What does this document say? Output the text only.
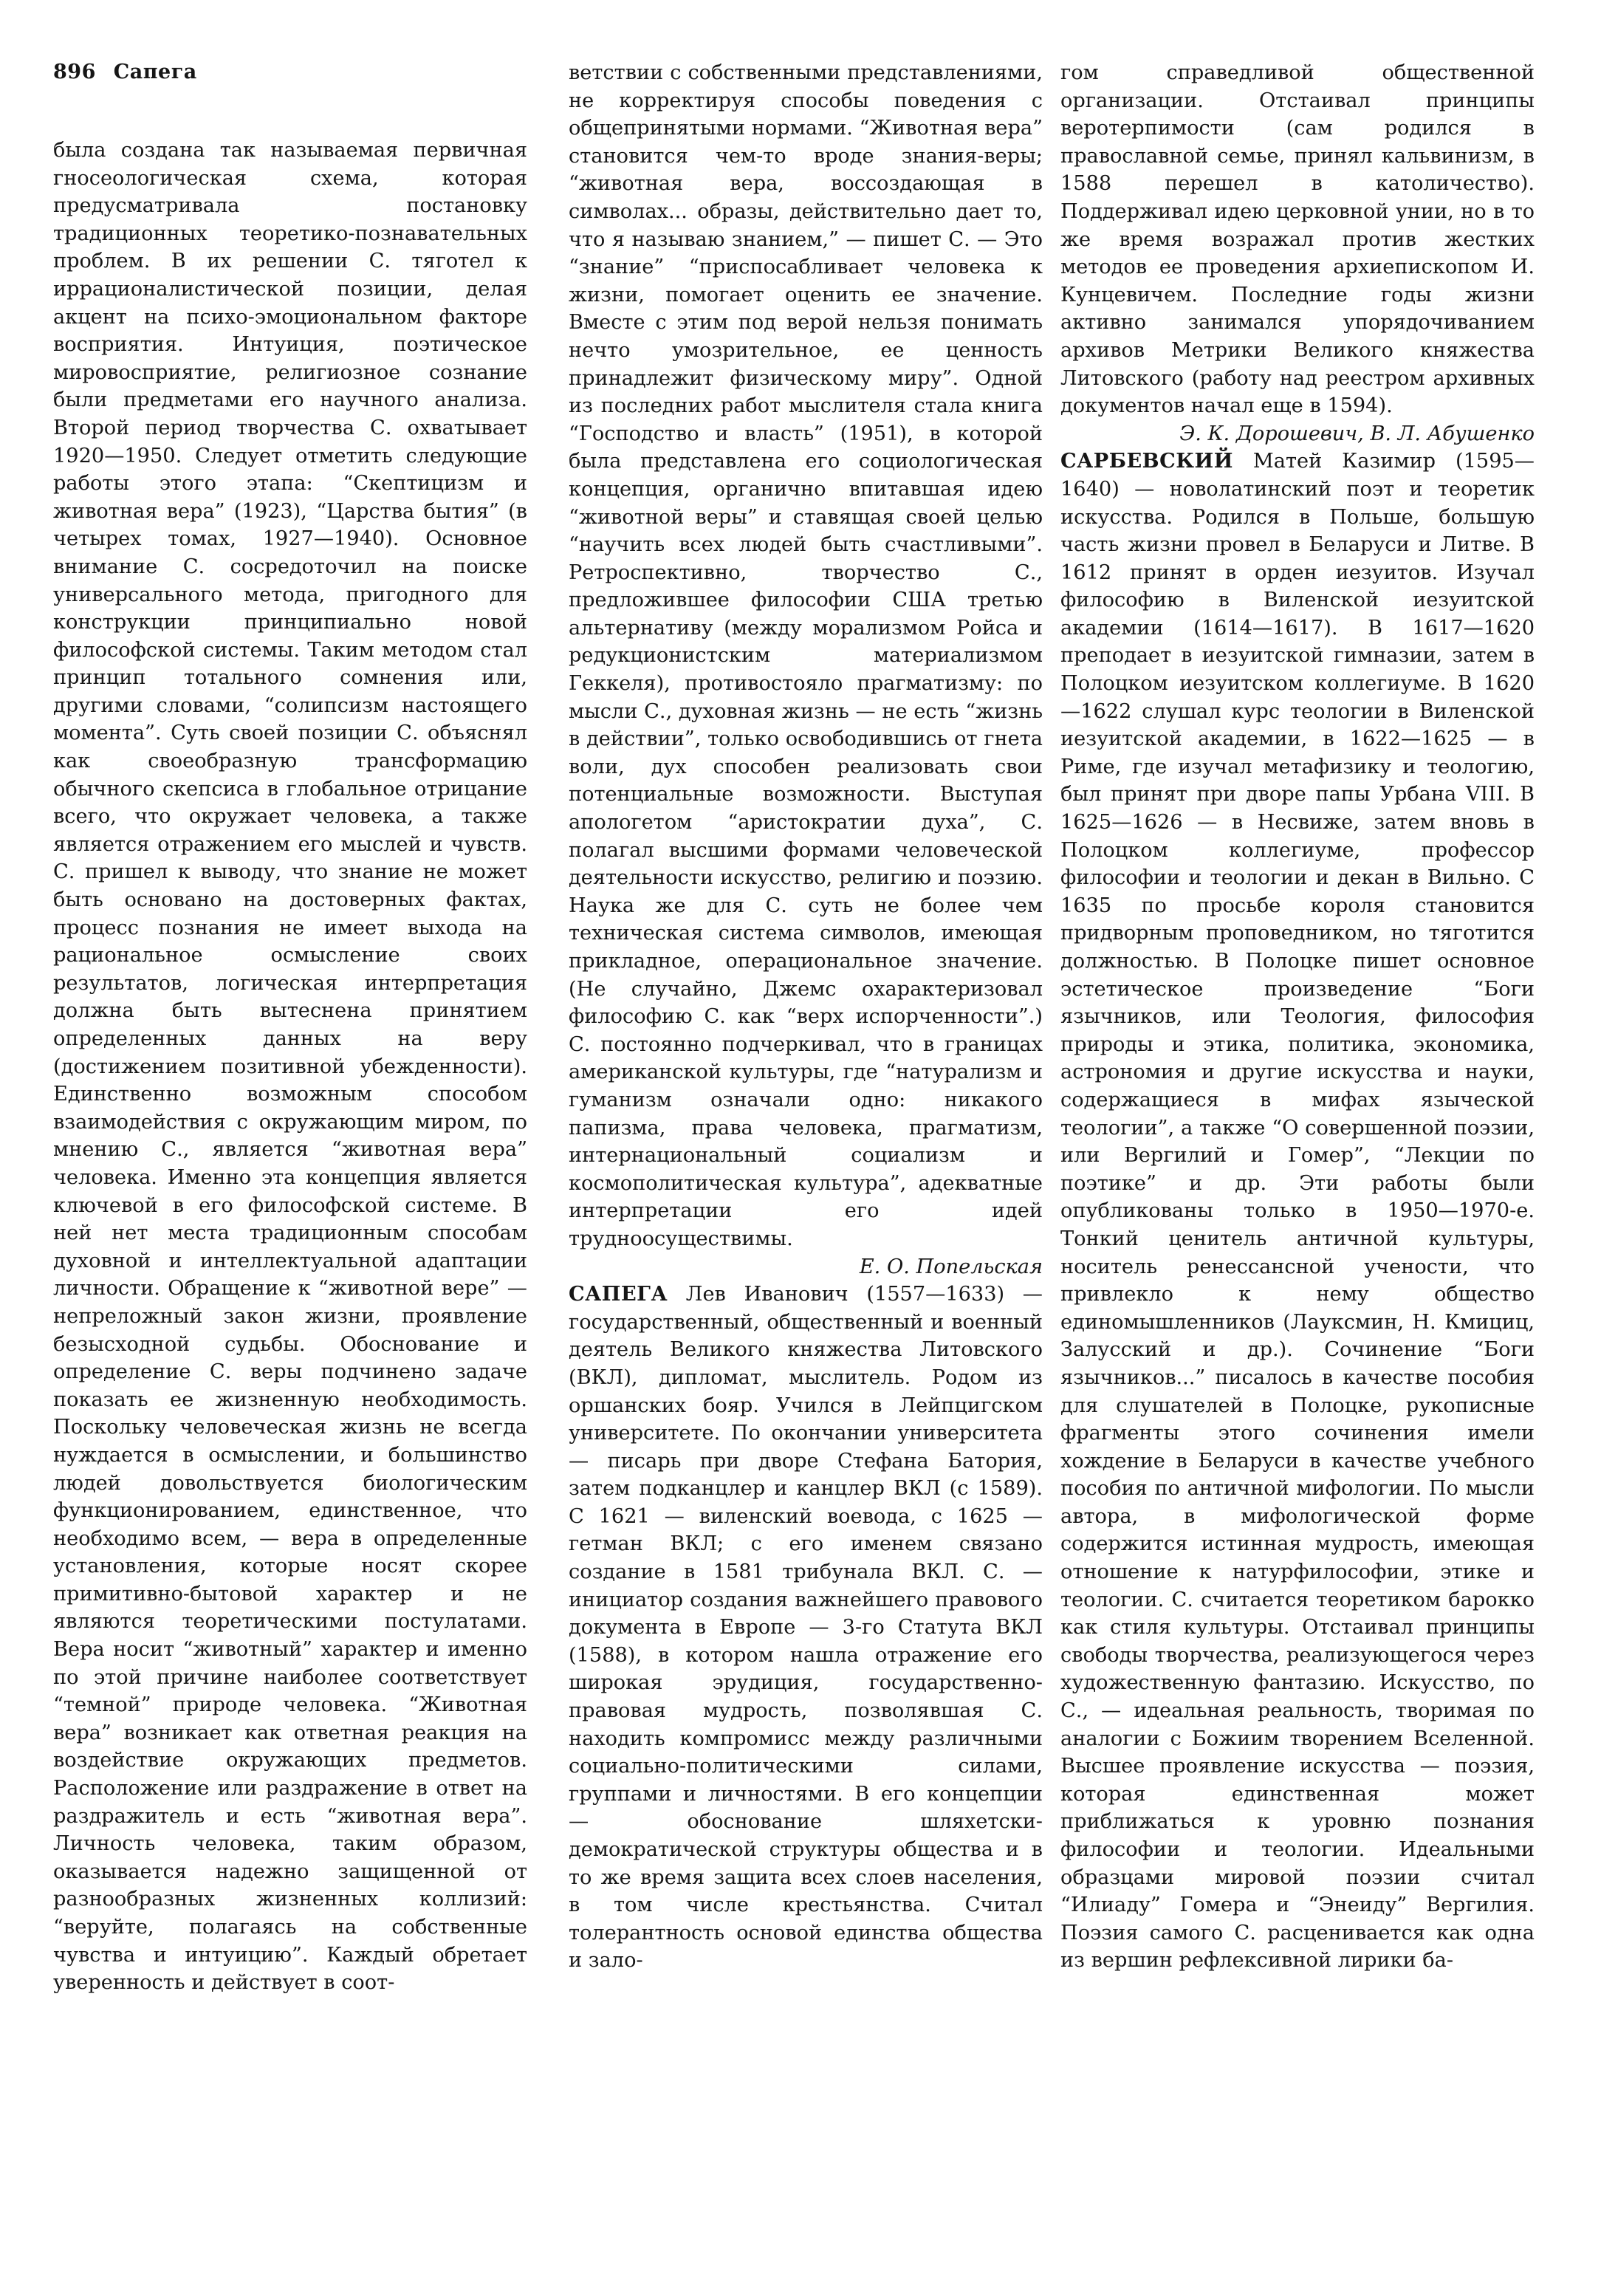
896 Сапега

была создана так называемая первичная гносеологическая схема, которая предусматривала постановку традиционных теоретико-познавательных проблем. В их решении С. тяготел к иррационалистической позиции, делая акцент на психо-эмоциональном факторе восприятия. Интуиция, поэтическое мировосприятие, религиозное сознание были предметами его научного анализа. Второй период творчества С. охватывает 1920—1950. Следует отметить следующие работы этого этапа: “Скептицизм и животная вера” (1923), “Царства бытия” (в четырех томах, 1927—1940). Основное внимание С. сосредоточил на поиске универсального метода, пригодного для конструкции принципиально новой философской системы. Таким методом стал принцип тотального сомнения или, другими словами, “солипсизм настоящего момента”. Суть своей позиции С. объяснял как своеобразную трансформацию обычного скепсиса в глобальное отрицание всего, что окружает человека, а также является отражением его мыслей и чувств. С. пришел к выводу, что знание не может быть основано на достоверных фактах, процесс познания не имеет выхода на рациональное осмысление своих результатов, логическая интерпретация должна быть вытеснена принятием определенных данных на веру (достижением позитивной убежденности). Единственно возможным способом взаимодействия с окружающим миром, по мнению С., является “животная вера” человека. Именно эта концепция является ключевой в его философской системе. В ней нет места традиционным способам духовной и интеллектуальной адаптации личности. Обращение к “животной вере” — непреложный закон жизни, проявление безысходной судьбы. Обоснование и определение С. веры подчинено задаче показать ее жизненную необходимость. Поскольку человеческая жизнь не всегда нуждается в осмыслении, и большинство людей довольствуется биологическим функционированием, единственное, что необходимо всем, — вера в определенные установления, которые носят скорее примитивно-бытовой характер и не являются теоретическими постулатами. Вера носит “животный” характер и именно по этой причине наиболее соответствует “темной” природе человека. “Животная вера” возникает как ответная реакция на воздействие окружающих предметов. Расположение или раздражение в ответ на раздражитель и есть “животная вера”. Личность человека, таким образом, оказывается надежно защищенной от разнообразных жизненных коллизий: “веруйте, полагаясь на собственные чувства и интуицию”. Каждый обретает уверенность и действует в соот-

ветствии с собственными представлениями, не корректируя способы поведения с общепринятыми нормами. “Животная вера” становится чем-то вроде знания-веры; “животная вера, воссоздающая в символах... образы, действительно дает то, что я называю знанием,” — пишет С. — Это “знание” “приспосабливает человека к жизни, помогает оценить ее значение. Вместе с этим под верой нельзя понимать нечто умозрительное, ее ценность принадлежит физическому миру”. Одной из последних работ мыслителя стала книга “Господство и власть” (1951), в которой была представлена его социологическая концепция, органично впитавшая идею “животной веры” и ставящая своей целью “научить всех людей быть счастливыми”. Ретроспективно, творчество С., предложившее философии США третью альтернативу (между морализмом Ройса и редукционистским материализмом Геккеля), противостояло прагматизму: по мысли С., духовная жизнь — не есть “жизнь в действии”, только освободившись от гнета воли, дух способен реализовать свои потенциальные возможности. Выступая апологетом “аристократии духа”, С. полагал высшими формами человеческой деятельности искусство, религию и поэзию. Наука же для С. суть не более чем техническая система символов, имеющая прикладное, операциональное значение. (Не случайно, Джемс охарактеризовал философию С. как “верх испорченности”.) С. постоянно подчеркивал, что в границах американской культуры, где “натурализм и гуманизм означали одно: никакого папизма, права человека, прагматизм, интернациональный социализм и космополитическая культура”, адекватные интерпретации его идей трудноосуществимы.

Е. О. Попельская

САПЕГА Лев Иванович (1557—1633) — государственный, общественный и военный деятель Великого княжества Литовского (ВКЛ), дипломат, мыслитель. Родом из оршанских бояр. Учился в Лейпцигском университете. По окончании университета — писарь при дворе Стефана Батория, затем подканцлер и канцлер ВКЛ (с 1589). С 1621 — виленский воевода, с 1625 — гетман ВКЛ; с его именем связано создание в 1581 трибунала ВКЛ. С. — инициатор создания важнейшего правового документа в Европе — 3-го Статута ВКЛ (1588), в котором нашла отражение его широкая эрудиция, государственно-правовая мудрость, позволявшая С. находить компромисс между различными социально-политическими силами, группами и личностями. В его концепции — обоснование шляхетски-демократической структуры общества и в то же время защита всех слоев населения, в том числе крестьянства. Считал толерантность основой единства общества и зало-

гом справедливой общественной организации. Отстаивал принципы веротерпимости (сам родился в православной семье, принял кальвинизм, в 1588 перешел в католичество). Поддерживал идею церковной унии, но в то же время возражал против жестких методов ее проведения архиепископом И. Кунцевичем. Последние годы жизни активно занимался упорядочиванием архивов Метрики Великого княжества Литовского (работу над реестром архивных документов начал еще в 1594).

Э. К. Дорошевич, В. Л. Абушенко

САРБЕВСКИЙ Матей Казимир (1595—1640) — новолатинский поэт и теоретик искусства. Родился в Польше, большую часть жизни провел в Беларуси и Литве. В 1612 принят в орден иезуитов. Изучал философию в Виленской иезуитской академии (1614—1617). В 1617—1620 преподает в иезуитской гимназии, затем в Полоцком иезуитском коллегиуме. В 1620—1622 слушал курс теологии в Виленской иезуитской академии, в 1622—1625 — в Риме, где изучал метафизику и теологию, был принят при дворе папы Урбана VIII. В 1625—1626 — в Несвиже, затем вновь в Полоцком коллегиуме, профессор философии и теологии и декан в Вильно. С 1635 по просьбе короля становится придворным проповедником, но тяготится должностью. В Полоцке пишет основное эстетическое произведение “Боги язычников, или Теология, философия природы и этика, политика, экономика, астрономия и другие искусства и науки, содержащиеся в мифах языческой теологии”, а также “О совершенной поэзии, или Вергилий и Гомер”, “Лекции по поэтике” и др. Эти работы были опубликованы только в 1950—1970-е. Тонкий ценитель античной культуры, носитель ренессансной учености, что привлекло к нему общество единомышленников (Лауксмин, Н. Кмициц, Залусский и др.). Сочинение “Боги язычников...” писалось в качестве пособия для слушателей в Полоцке, рукописные фрагменты этого сочинения имели хождение в Беларуси в качестве учебного пособия по античной мифологии. По мысли автора, в мифологической форме содержится истинная мудрость, имеющая отношение к натурфилософии, этике и теологии. С. считается теоретиком барокко как стиля культуры. Отстаивал принципы свободы творчества, реализующегося через художественную фантазию. Искусство, по С., — идеальная реальность, творимая по аналогии с Божиим творением Вселенной. Высшее проявление искусства — поэзия, которая единственная может приближаться к уровню познания философии и теологии. Идеальными образцами мировой поэзии считал “Илиаду” Гомера и “Энеиду” Вергилия. Поэзия самого С. расценивается как одна из вершин рефлексивной лирики ба-
